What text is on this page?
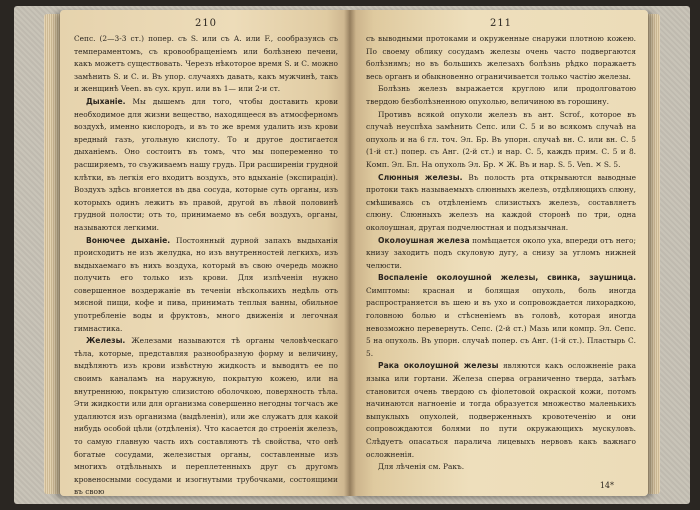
210

Сепс. (2—3-3 ст.) попер. съ S. или съ А. или F., сообразуясь съ темпераментомъ, съ кровообращеніемъ или болѣзнею печени, какъ можетъ существовать. Черезъ нѣкоторое время S. и С. можно замѣнить S. и С. и. Въ упор. случаяхъ давать, какъ мужчинѣ, такъ и женщинѣ Veen. въ сух. круп. или въ 1— или 2-и ст.

Дыханіе. Мы дышемъ для того, чтобы доставить крови необходимое для жизни вещество, находящееся въ атмосферномъ воздухѣ, именно кислородъ, и въ то же время удалить изъ крови вредный газъ, угольную кислоту. То и другое достигается дыханіемъ. Оно состоитъ въ томъ, что мы попеременно то расширяемъ, то съуживаемъ нашу грудь. При расширеніи грудной клѣтки, въ легкія его входитъ воздухъ, это вдыханіе (экспирація). Воздухъ здѣсь вгоняется въ два сосуда, которые суть органы, изъ которыхъ одинъ лежитъ въ правой, другой въ лѣвой половинѣ грудной полости; отъ то, принимаемо въ себя воздухъ, органы, называются легкими.

Вонючее дыханіе. Постоянный дурной запахъ выдыханія происходитъ не изъ желудка, но изъ внутренностей легкихъ, изъ выдыхаемаго въ нихъ воздуха, который въ свою очередь можно получить его только изъ крови. Для излѣченія нужно совершенное воздержаніе въ теченіи нѣсколькихъ недѣль отъ мясной пищи, кофе и пива, принимать теплыя ванны, обильное употребленіе воды и фруктовъ, много движенія и легочная гимнастика.

Железы. Железами называются тѣ органы человѣческаго тѣла, которые, представляя разнообразную форму и величину, выдѣляютъ изъ крови извѣстную жидкость и выводятъ ее по своимъ каналамъ на наружную, покрытую кожею, или на внутреннюю, покрытую слизистою оболочкою, поверхность тѣла. Эти жидкости или для организма совершенно негодны тогчасъ же удаляются изъ организма (выдѣленія), или же служатъ для какой нибудь особой цѣли (отдѣленія). Что касается до строенія железъ, то самую главную часть ихъ составляютъ тѣ свойства, что онѣ богатые сосудами, железистыя органы, составленные изъ многихъ отдѣльныхъ и переплетенныхъ друг съ другомъ кровеносными сосудами и изогнутыми трубочками, состоящими въ свою

211

съ выводными протоками и окруженные снаружи плотною кожею. По своему облику сосудамъ железы очень часто подвергаются болѣзнямъ; но въ большихъ железахъ болѣзнь рѣдко поражаетъ весь органъ и обыкновенно ограничивается только частію железы.

Болѣзнь железъ выражается круглою или продолговатою твердою безболѣзненною опухолью, величиною въ горошину.

Противъ всякой опухоли железъ въ ант. Scrof., которое въ случаѣ неуспѣха замѣнить Сепс. или С. 5 и во всякомъ случаѣ на опухоль и на 6 гл. точ. Эл. Бр. Въ упорн. случаѣ вн. С. или вн. С. 5 (1-й ст.) попер. съ Анг. (2-й ст.) и нар. С. 5, каждъ прим. С. 5 и 8. Комп. Эл. Бл. На опухоль Эл. Бр. ✕ Ж. Въ и нар. S. 5. Ven. ✕ S. 5.

Слюнныя железы. Въ полость рта открываются выводные протоки такъ называемыхъ слюнныхъ железъ, отдѣляющихъ слюну, смѣшиваясь съ отдѣленіемъ слизистыхъ железъ, составляетъ слюну. Слюнныхъ железъ на каждой сторонѣ по три, одна околоушная, другая подчелюстная и подъязычная.

Околоушная железа помѣщается около уха, впереди отъ него; книзу заходитъ подъ скуловую дугу, а снизу за угломъ нижней челюсти.

Воспаленіе околоушной железы, свинка, заушница. Симптомы: красная и болящая опухоль, боль иногда распространяется въ шею и въ ухо и сопровождается лихорадкою, головною болью и стѣсненіемъ въ головѣ, которая иногда невозможно перевернуть. Сепс. (2-й ст.) Мазь или компр. Эл. Сепс. 5 на опухоль. Въ упорн. случаѣ попер. съ Анг. (1-й ст.). Пластырь С. 5.

Рака околоушной железы являются какъ осложненіе рака языка или гортани. Железа сперва ограниченно тверда, затѣмъ становится очень твердою съ фіолетовой окраской кожи, потомъ начинаются нагноеніе и тогда образуется множество маленькихъ выпуклыхъ опухолей, подверженныхъ кровотеченію и они сопровождаются болями по пути окружающихъ мускуловъ. Слѣдуетъ опасаться паралича лицевыхъ нервовъ какъ важнаго осложненія.

Для лѣченія см. Ракъ.

14*
